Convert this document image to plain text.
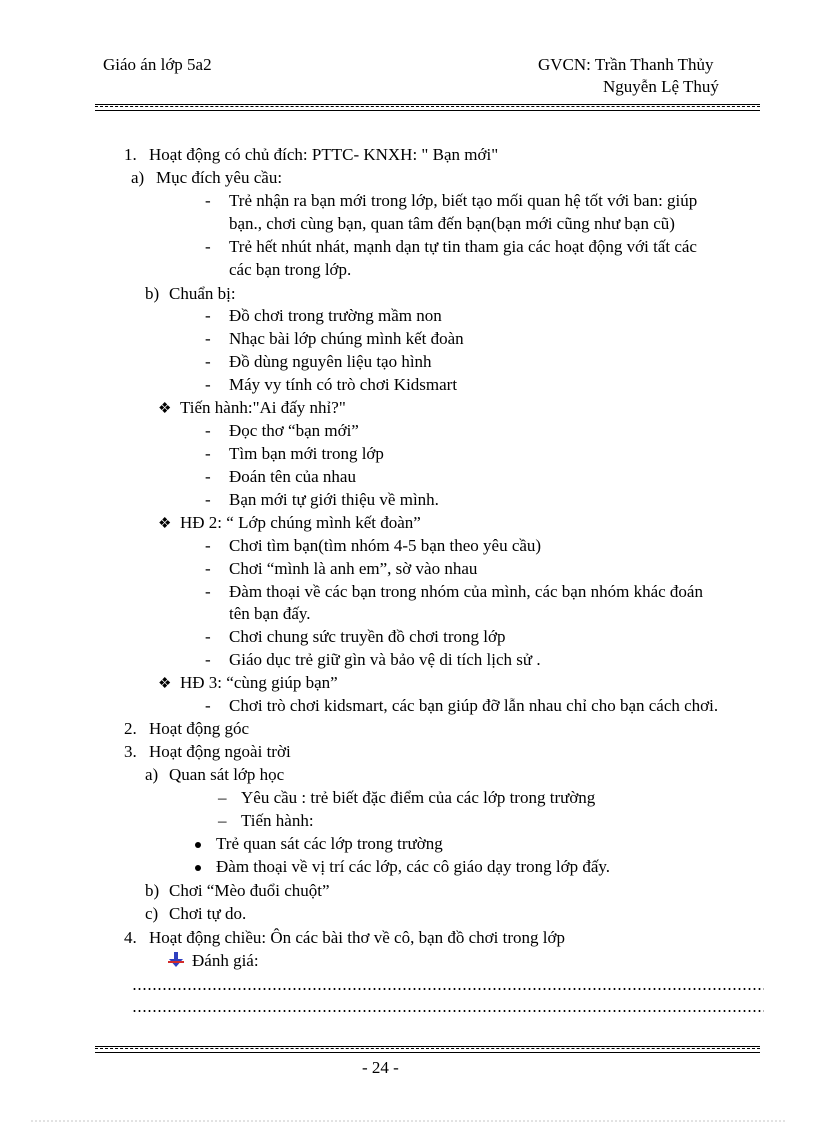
Giáo án lớp 5a2	GVCN: Trần Thanh Thủy
Nguyễn Lệ Thuý
1. Hoạt động có chủ đích: PTTC- KNXH: " Bạn mới"
a) Mục đích yêu cầu:
- Trẻ nhận ra bạn mới trong lớp, biết tạo mối quan hệ tốt với ban: giúp
bạn., chơi cùng bạn, quan tâm đến bạn(bạn mới cũng như bạn cũ)
- Trẻ hết nhút nhát, mạnh dạn tự tin tham gia các hoạt động với tất các
các bạn trong lớp.
b) Chuẩn bị:
- Đồ chơi trong trường mầm non
- Nhạc bài lớp chúng mình kết đoàn
- Đồ dùng nguyên liệu tạo hình
- Máy vy tính có trò chơi Kidsmart
❖ Tiến hành:"Ai đấy nhỉ?"
- Đọc thơ “bạn mới”
- Tìm bạn mới trong lớp
- Đoán tên của nhau
- Bạn mới tự giới thiệu về mình.
❖ HĐ 2: “ Lớp chúng mình kết đoàn”
- Chơi tìm bạn(tìm nhóm 4-5 bạn theo yêu cầu)
- Chơi “mình là anh em”, sờ vào nhau
- Đàm thoại về các bạn trong nhóm của mình, các bạn nhóm khác đoán
tên bạn đấy.
- Chơi chung sức truyền đồ chơi trong lớp
- Giáo dục trẻ giữ gìn và bảo vệ di tích lịch sử .
❖ HĐ 3: “cùng giúp bạn”
- Chơi trò chơi kidsmart, các bạn giúp đỡ lẫn nhau chỉ cho bạn cách chơi.
2. Hoạt động góc
3. Hoạt động ngoài trời
a) Quan sát lớp học
– Yêu cầu : trẻ biết đặc điểm của các lớp trong trường
– Tiến hành:
Trẻ quan sát các lớp trong trường
Đàm thoại về vị trí các lớp, các cô giáo dạy trong lớp đấy.
b) Chơi “Mèo đuổi chuột”
c) Chơi tự do.
4. Hoạt động chiều: Ôn các bài thơ về cô, bạn đồ chơi trong lớp
Đánh giá:
- 24 -
